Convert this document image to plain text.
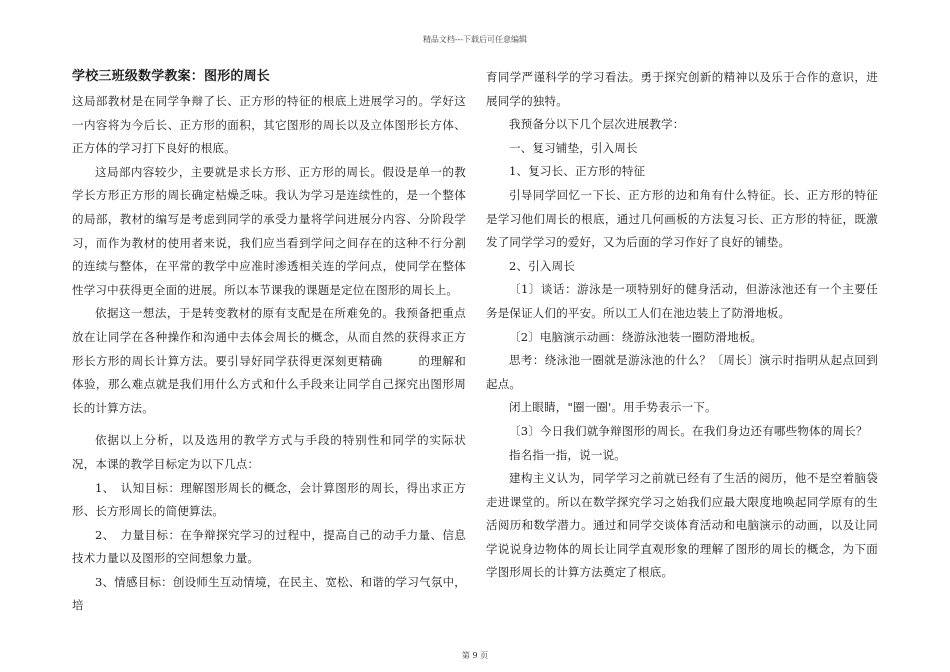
精品文档---下载后可任意编辑

学校三班级数学教案：图形的周长

这局部教材是在同学争辩了长、正方形的特征的根底上进展学习的。学好这一内容将为今后长、正方形的面积，其它图形的周长以及立体图形长方体、正方体的学习打下良好的根底。

这局部内容较少，主要就是求长方形、正方形的周长。假设是单一的教学长方形正方形的周长确定枯燥乏味。我认为学习是连续性的，是一个整体的局部，教材的编写是考虑到同学的承受力量将学问进展分内容、分阶段学习，而作为教材的使用者来说，我们应当看到学问之间存在的这种不行分割的连续与整体，在平常的教学中应准时渗透相关连的学问点，使同学在整体性学习中获得更全面的进展。所以本节课我的课题是定位在图形的周长上。

依据这一想法，于是转变教材的原有支配是在所难免的。我预备把重点放在让同学在各种操作和沟通中去体会周长的概念，从而自然的获得求正方形长方形的周长计算方法。要引导好同学获得更深刻更精确　　　的理解和体验，那么难点就是我们用什么方式和什么手段来让同学自己探究出图形周长的计算方法。

依据以上分析，以及选用的教学方式与手段的特别性和同学的实际状况，本课的教学目标定为以下几点：

1、　认知目标：理解图形周长的概念，会计算图形的周长，得出求正方形、长方形周长的简便算法。

2、　力量目标：在争辩探究学习的过程中，提高自己的动手力量、信息技术力量以及图形的空间想象力量。

3、情感目标：创设师生互动情境，在民主、宽松、和谐的学习气氛中，培

育同学严谨科学的学习看法。勇于探究创新的精神以及乐于合作的意识，进展同学的独特。

我预备分以下几个层次进展教学：

一、复习铺垫，引入周长

1、复习长、正方形的特征

引导同学回忆一下长、正方形的边和角有什么特征。长、正方形的特征是学习他们周长的根底，通过几何画板的方法复习长、正方形的特征，既激发了同学学习的爱好，又为后面的学习作好了良好的铺垫。

2、引入周长

〔1〕谈话：游泳是一项特别好的健身活动，但游泳池还有一个主要任务是保证人们的平安。所以工人们在池边装上了防滑地板。

〔2〕电脑演示动画：绕游泳池装一圈防滑地板。

思考：绕泳池一圈就是游泳池的什么？〔周长〕演示时指明从起点回到起点。

闭上眼睛，"圈一圈'。用手势表示一下。

〔3〕今日我们就争辩图形的周长。在我们身边还有哪些物体的周长？

指名指一指，说一说。

建构主义认为，同学学习之前就已经有了生活的阅历，他不是空着脑袋走进课堂的。所以在数学探究学习之始我们应最大限度地唤起同学原有的生活阅历和数学潜力。通过和同学交谈体育活动和电脑演示的动画，以及让同学说说身边物体的周长让同学直观形象的理解了图形的周长的概念，为下面学图形周长的计算方法奠定了根底。

第 9 页
